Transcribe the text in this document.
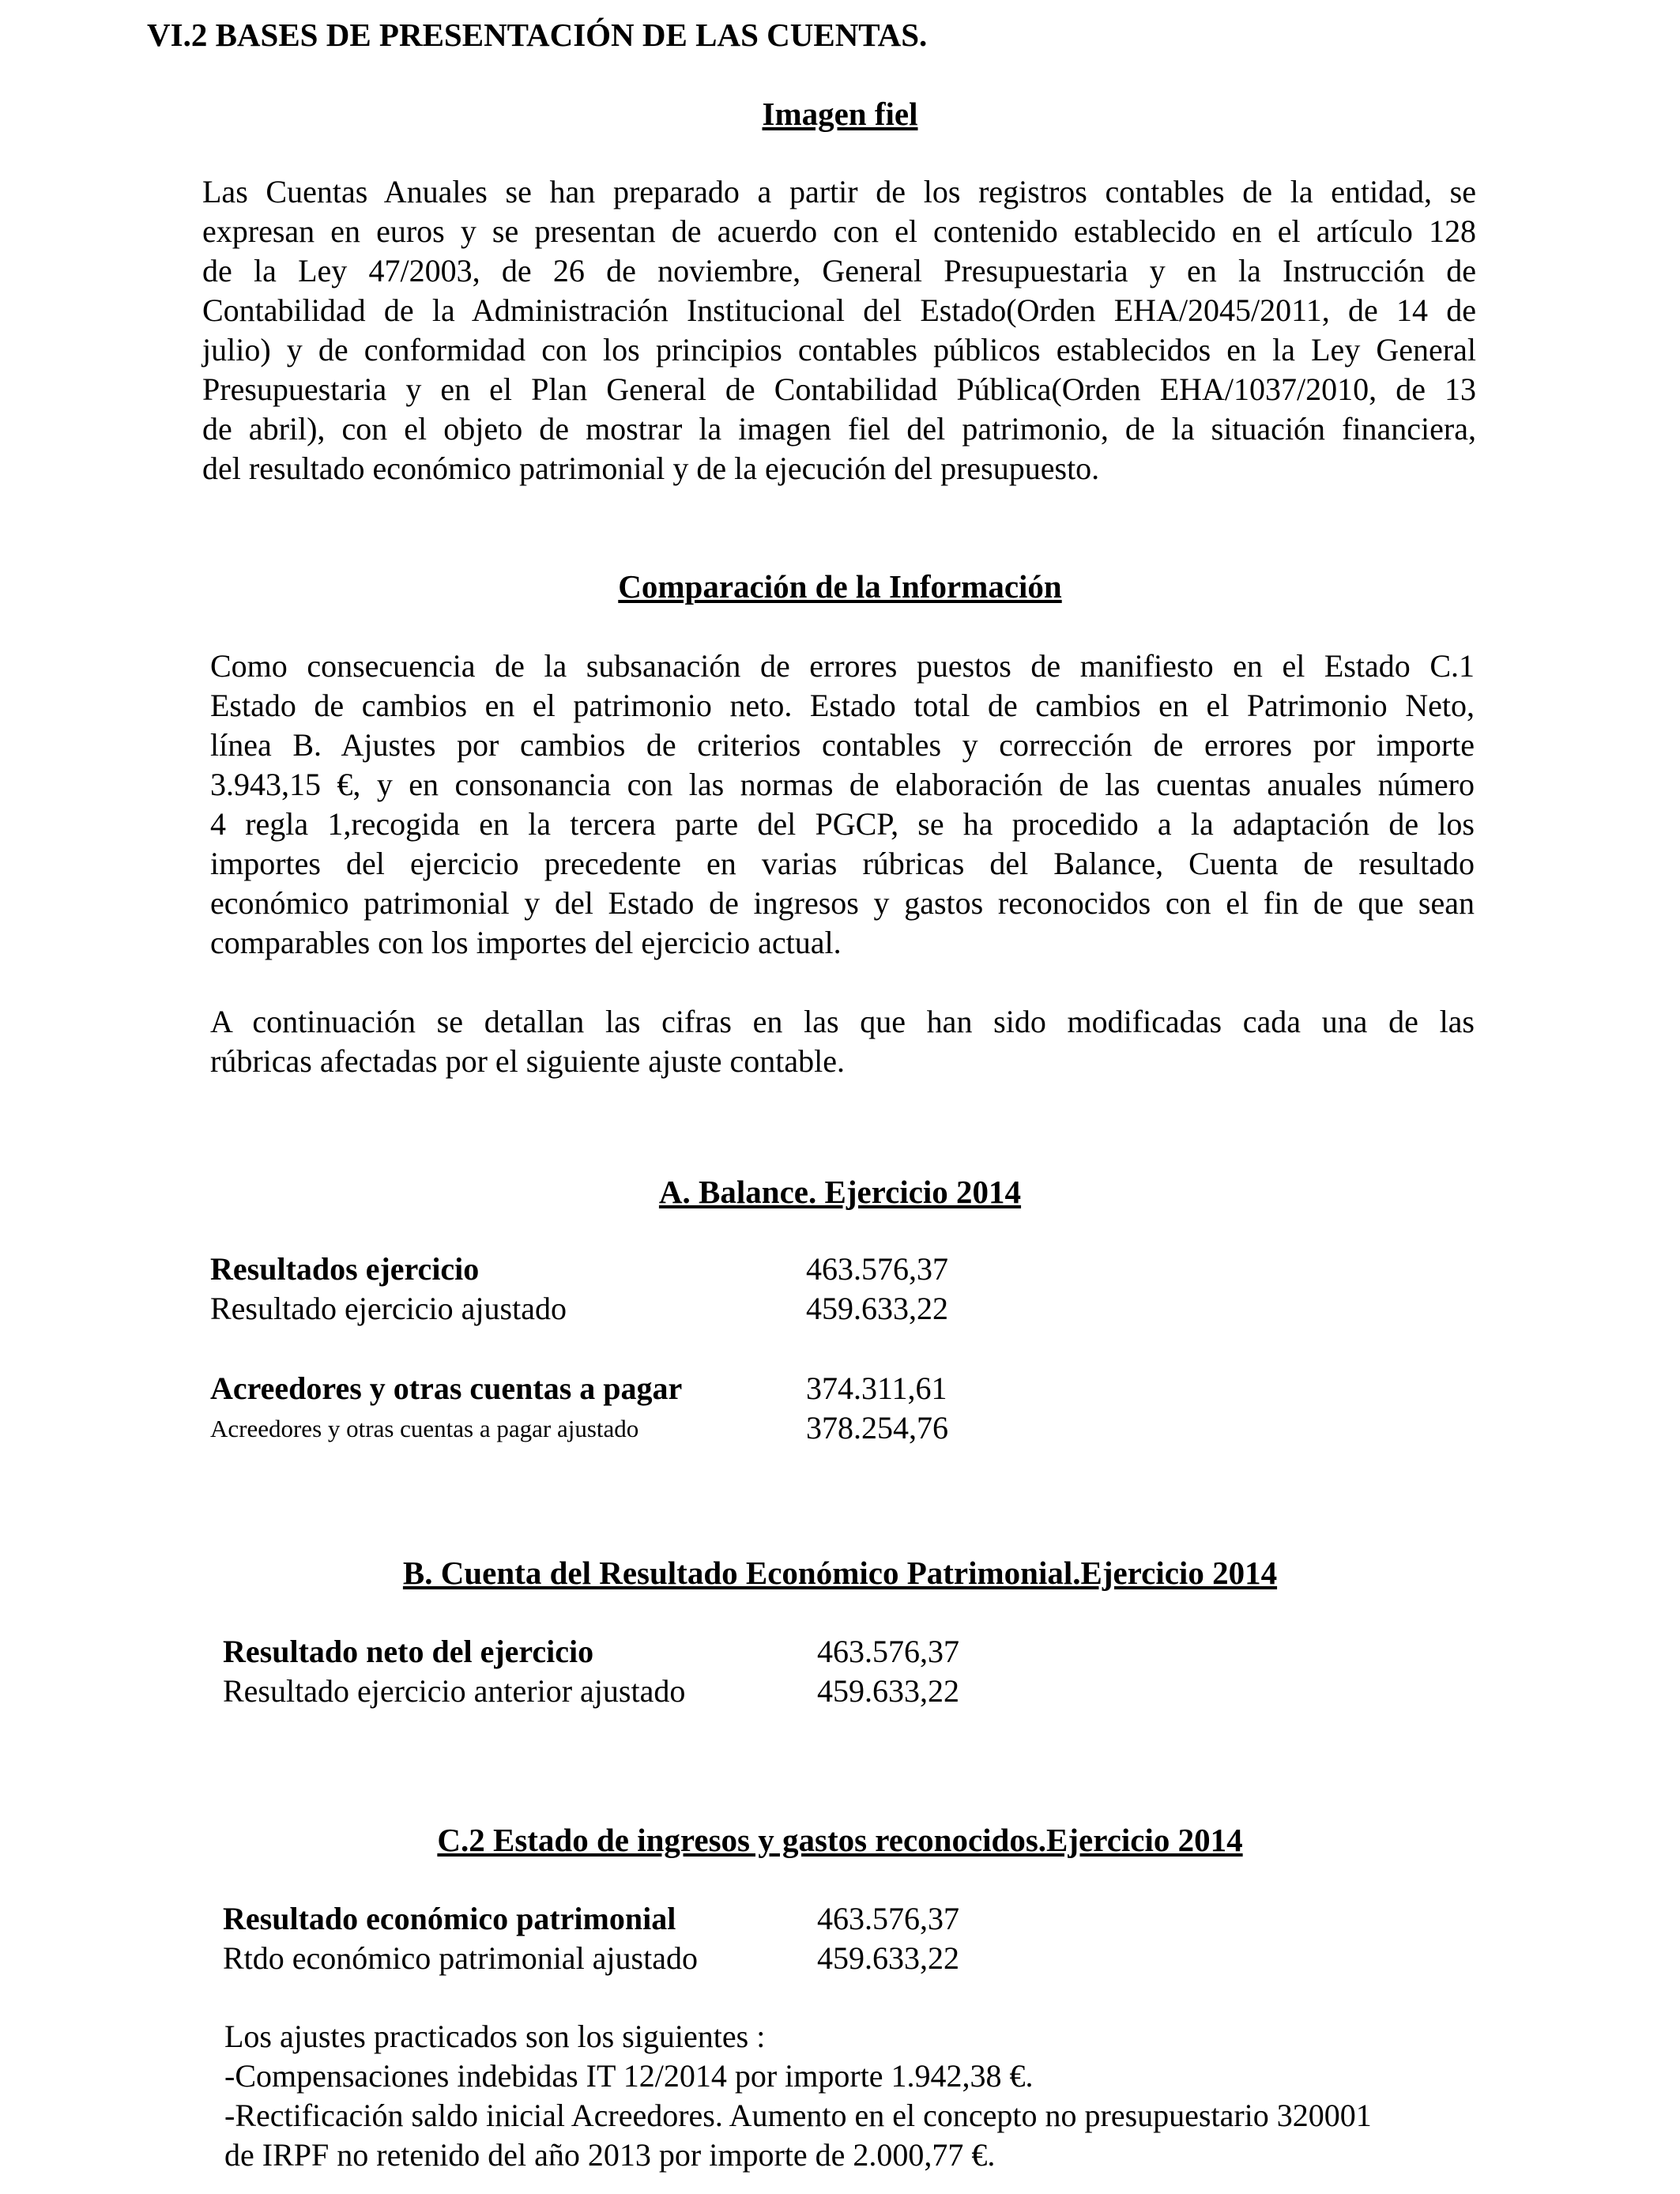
VI.2 BASES DE PRESENTACIÓN DE LAS CUENTAS.
Imagen fiel
Las Cuentas Anuales se han preparado a partir de los registros contables de la entidad, se
expresan en euros y se presentan de acuerdo con el contenido establecido en el artículo 128
de la Ley 47/2003, de 26 de noviembre, General Presupuestaria y en la Instrucción de
Contabilidad de la Administración Institucional del Estado(Orden EHA/2045/2011, de 14 de
julio) y de conformidad con los principios contables públicos establecidos en la Ley General
Presupuestaria y en el Plan General de Contabilidad Pública(Orden EHA/1037/2010, de 13
de abril), con el objeto de mostrar la imagen fiel del patrimonio, de la situación financiera,
del resultado económico patrimonial y de la ejecución del presupuesto.
Comparación de la Información
Como consecuencia de la subsanación de errores puestos de manifiesto en el Estado C.1
Estado de cambios en el patrimonio neto. Estado total de cambios en el Patrimonio Neto,
línea B. Ajustes por cambios de criterios contables y corrección de errores por importe
3.943,15 €, y en consonancia con las normas de elaboración de las cuentas anuales número
4 regla 1,recogida en la tercera parte del PGCP, se ha procedido a la adaptación de los
importes del ejercicio precedente en varias rúbricas del Balance, Cuenta de resultado
económico patrimonial y del Estado de ingresos y gastos reconocidos con el fin de que sean
comparables con los importes del ejercicio actual.
A continuación se detallan las cifras en las que han sido modificadas cada una de las
rúbricas afectadas por el siguiente ajuste contable.
A. Balance. Ejercicio 2014
Resultados ejercicio	463.576,37
Resultado ejercicio ajustado	459.633,22
Acreedores y otras cuentas a pagar	374.311,61
Acreedores y otras cuentas a pagar ajustado	378.254,76
B. Cuenta del Resultado Económico Patrimonial.Ejercicio 2014
Resultado neto del ejercicio	463.576,37
Resultado ejercicio anterior ajustado	459.633,22
C.2 Estado de ingresos y gastos reconocidos.Ejercicio 2014
Resultado económico patrimonial	463.576,37
Rtdo económico patrimonial ajustado	459.633,22
Los ajustes practicados son los siguientes :
-Compensaciones indebidas IT 12/2014 por importe 1.942,38 €.
-Rectificación saldo inicial Acreedores. Aumento en el concepto no presupuestario 320001
de IRPF no retenido del año 2013 por importe de 2.000,77 €.
